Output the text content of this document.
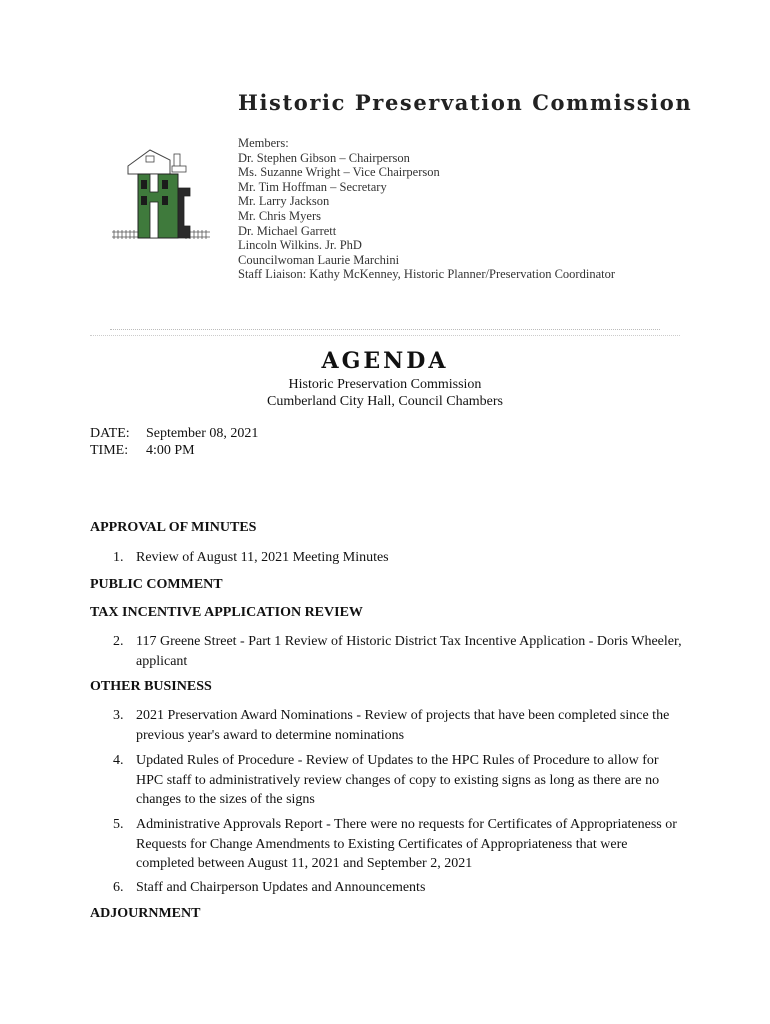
Historic Preservation Commission
Members:
Dr. Stephen Gibson – Chairperson
Ms. Suzanne Wright – Vice Chairperson
Mr. Tim Hoffman – Secretary
Mr. Larry Jackson
Mr. Chris Myers
Dr. Michael Garrett
Lincoln Wilkins. Jr. PhD
Councilwoman Laurie Marchini
Staff Liaison: Kathy McKenney, Historic Planner/Preservation Coordinator
AGENDA
Historic Preservation Commission
Cumberland City Hall, Council Chambers
DATE: September 08, 2021
TIME: 4:00 PM
APPROVAL OF MINUTES
1. Review of August 11, 2021 Meeting Minutes
PUBLIC COMMENT
TAX INCENTIVE APPLICATION REVIEW
2. 117 Greene Street - Part 1 Review of Historic District Tax Incentive Application - Doris Wheeler, applicant
OTHER BUSINESS
3. 2021 Preservation Award Nominations - Review of projects that have been completed since the previous year's award to determine nominations
4. Updated Rules of Procedure - Review of Updates to the HPC Rules of Procedure to allow for HPC staff to administratively review changes of copy to existing signs as long as there are no changes to the sizes of the signs
5. Administrative Approvals Report - There were no requests for Certificates of Appropriateness or Requests for Change Amendments to Existing Certificates of Appropriateness that were completed between August 11, 2021 and September 2, 2021
6. Staff and Chairperson Updates and Announcements
ADJOURNMENT
